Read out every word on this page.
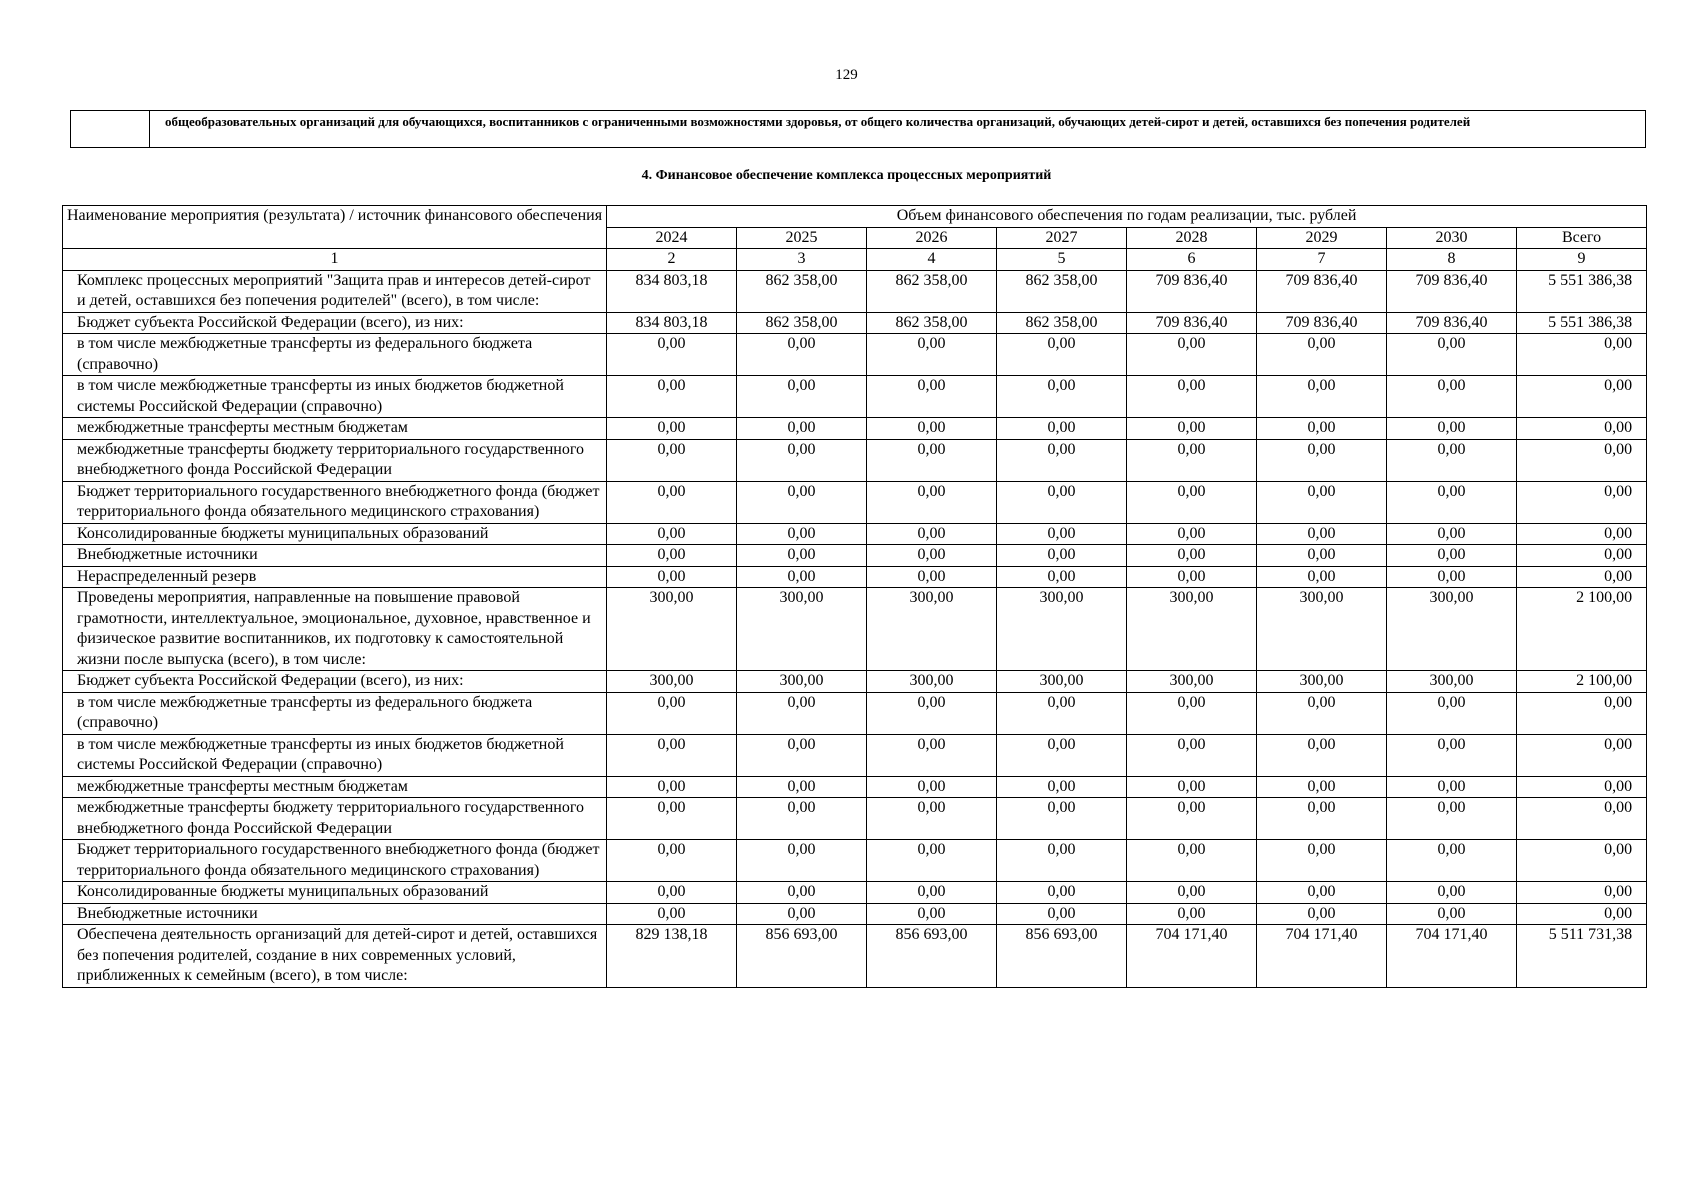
129
общеобразовательных организаций для обучающихся, воспитанников с ограниченными возможностями здоровья, от общего количества организаций, обучающих детей-сирот и детей, оставшихся без попечения родителей
4. Финансовое обеспечение комплекса процессных мероприятий
Наименование мероприятия (результата) / источник финансового обеспечения	Объем финансового обеспечения по годам реализации, тыс. рублей							
	2024	2025	2026	2027	2028	2029	2030	Всего
1	2	3	4	5	6	7	8	9
Комплекс процессных мероприятий "Защита прав и интересов детей-сирот и детей, оставшихся без попечения родителей" (всего), в том числе:	834 803,18	862 358,00	862 358,00	862 358,00	709 836,40	709 836,40	709 836,40	5 551 386,38
Бюджет субъекта Российской Федерации (всего), из них:	834 803,18	862 358,00	862 358,00	862 358,00	709 836,40	709 836,40	709 836,40	5 551 386,38
в том числе межбюджетные трансферты из федерального бюджета (справочно)	0,00	0,00	0,00	0,00	0,00	0,00	0,00	0,00
в том числе межбюджетные трансферты из иных бюджетов бюджетной системы Российской Федерации (справочно)	0,00	0,00	0,00	0,00	0,00	0,00	0,00	0,00
межбюджетные трансферты местным бюджетам	0,00	0,00	0,00	0,00	0,00	0,00	0,00	0,00
межбюджетные трансферты бюджету территориального государственного внебюджетного фонда Российской Федерации	0,00	0,00	0,00	0,00	0,00	0,00	0,00	0,00
Бюджет территориального государственного внебюджетного фонда (бюджет территориального фонда обязательного медицинского страхования)	0,00	0,00	0,00	0,00	0,00	0,00	0,00	0,00
Консолидированные бюджеты муниципальных образований	0,00	0,00	0,00	0,00	0,00	0,00	0,00	0,00
Внебюджетные источники	0,00	0,00	0,00	0,00	0,00	0,00	0,00	0,00
Нераспределенный резерв	0,00	0,00	0,00	0,00	0,00	0,00	0,00	0,00
Проведены мероприятия, направленные на повышение правовой грамотности, интеллектуальное, эмоциональное, духовное, нравственное и физическое развитие воспитанников, их подготовку к самостоятельной жизни после выпуска (всего), в том числе:	300,00	300,00	300,00	300,00	300,00	300,00	300,00	2 100,00
Бюджет субъекта Российской Федерации (всего), из них:	300,00	300,00	300,00	300,00	300,00	300,00	300,00	2 100,00
в том числе межбюджетные трансферты из федерального бюджета (справочно)	0,00	0,00	0,00	0,00	0,00	0,00	0,00	0,00
в том числе межбюджетные трансферты из иных бюджетов бюджетной системы Российской Федерации (справочно)	0,00	0,00	0,00	0,00	0,00	0,00	0,00	0,00
межбюджетные трансферты местным бюджетам	0,00	0,00	0,00	0,00	0,00	0,00	0,00	0,00
межбюджетные трансферты бюджету территориального государственного внебюджетного фонда Российской Федерации	0,00	0,00	0,00	0,00	0,00	0,00	0,00	0,00
Бюджет территориального государственного внебюджетного фонда (бюджет территориального фонда обязательного медицинского страхования)	0,00	0,00	0,00	0,00	0,00	0,00	0,00	0,00
Консолидированные бюджеты муниципальных образований	0,00	0,00	0,00	0,00	0,00	0,00	0,00	0,00
Внебюджетные источники	0,00	0,00	0,00	0,00	0,00	0,00	0,00	0,00
Обеспечена деятельность организаций для детей-сирот и детей, оставшихся без попечения родителей, создание в них современных условий, приближенных к семейным (всего), в том числе:	829 138,18	856 693,00	856 693,00	856 693,00	704 171,40	704 171,40	704 171,40	5 511 731,38
